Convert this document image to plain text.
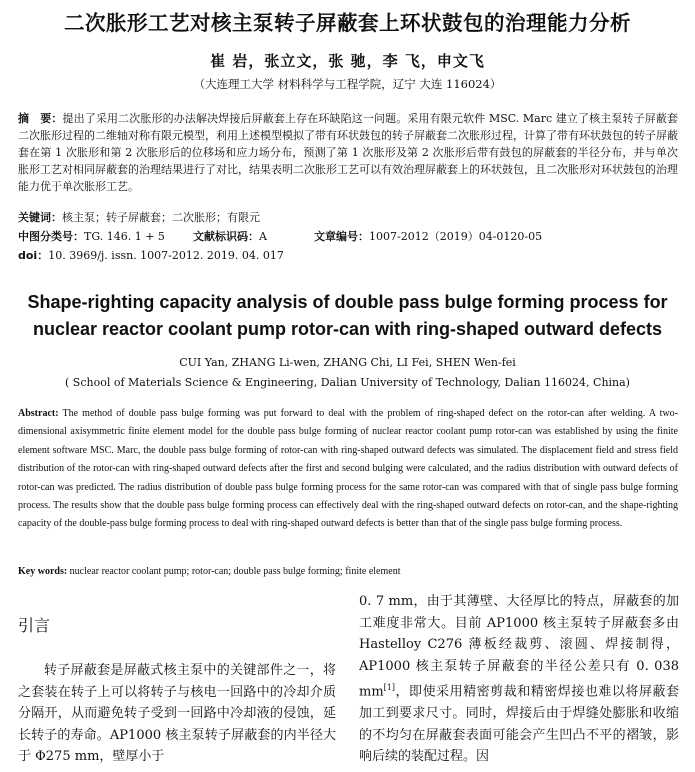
二次胀形工艺对核主泵转子屏蔽套上环状鼓包的治理能力分析
崔 岩，张立文，张 驰，李 飞，申文飞
（大连理工大学 材料科学与工程学院，辽宁 大连 116024）
摘　要：提出了采用二次胀形的办法解决焊接后屏蔽套上存在环缺陷这一问题。采用有限元软件 MSC. Marc 建立了核主泵转子屏蔽套二次胀形过程的二维轴对称有限元模型，利用上述模型模拟了带有环状鼓包的转子屏蔽套二次胀形过程，计算了带有环状鼓包的转子屏蔽套在第 1 次胀形和第 2 次胀形后的位移场和应力场分布，预测了第 1 次胀形及第 2 次胀形后带有鼓包的屏蔽套的半径分布，并与单次胀形工艺对相同屏蔽套的治理结果进行了对比，结果表明二次胀形工艺可以有效治理屏蔽套上的环状鼓包，且二次胀形对环状鼓包的治理能力优于单次胀形工艺。
关键词：核主泵；转子屏蔽套；二次胀形；有限元
中图分类号：TG. 146. 1 + 5	文献标识码：A	文章编号：1007-2012（2019）04-0120-05
doi：10. 3969/j. issn. 1007-2012. 2019. 04. 017
Shape-righting capacity analysis of double pass bulge forming process for
nuclear reactor coolant pump rotor-can with ring-shaped outward defects
CUI Yan, ZHANG Li-wen, ZHANG Chi, LI Fei, SHEN Wen-fei
( School of Materials Science & Engineering, Dalian University of Technology, Dalian 116024, China)
Abstract: The method of double pass bulge forming was put forward to deal with the problem of ring-shaped defect on the rotor-can after welding. A two-dimensional axisymmetric finite element model for the double pass bulge forming of nuclear reactor coolant pump rotor-can was established by using the finite element software MSC. Marc, the double pass bulge forming of rotor-can with ring-shaped outward defects was simulated. The displacement field and stress field distribution of the rotor-can with ring-shaped outward defects after the first and second bulging were calculated, and the radius distribution with outward defects of rotor-can was predicted. The radius distribution of double pass bulge forming process for the same rotor-can was compared with that of single pass bulge forming process. The results show that the double pass bulge forming process can effectively deal with the ring-shaped outward defects on rotor-can, and the shape-righting capacity of the double-pass bulge forming process to deal with ring-shaped outward defects is better than that of the single pass bulge forming process.
Key words: nuclear reactor coolant pump; rotor-can; double pass bulge forming; finite element
引言
转子屏蔽套是屏蔽式核主泵中的关键部件之一，将之套装在转子上可以将转子与核电一回路中的冷却介质分隔开，从而避免转子受到一回路中冷却液的侵蚀，延长转子的寿命。AP1000 核主泵转子屏蔽套的内半径大于 Φ275 mm，壁厚小于
0. 7 mm，由于其薄壁、大径厚比的特点，屏蔽套的加工难度非常大。目前 AP1000 核主泵转子屏蔽套多由 Hastelloy C276 薄板经裁剪、滚圆、焊接制得，AP1000 核主泵转子屏蔽套的半径公差只有 0. 038 mm[1]，即使采用精密剪裁和精密焊接也难以将屏蔽套加工到要求尺寸。同时，焊接后由于焊缝处膨胀和收缩的不均匀在屏蔽套表面可能会产生凹凸不平的褶皱，影响后续的装配过程。因
